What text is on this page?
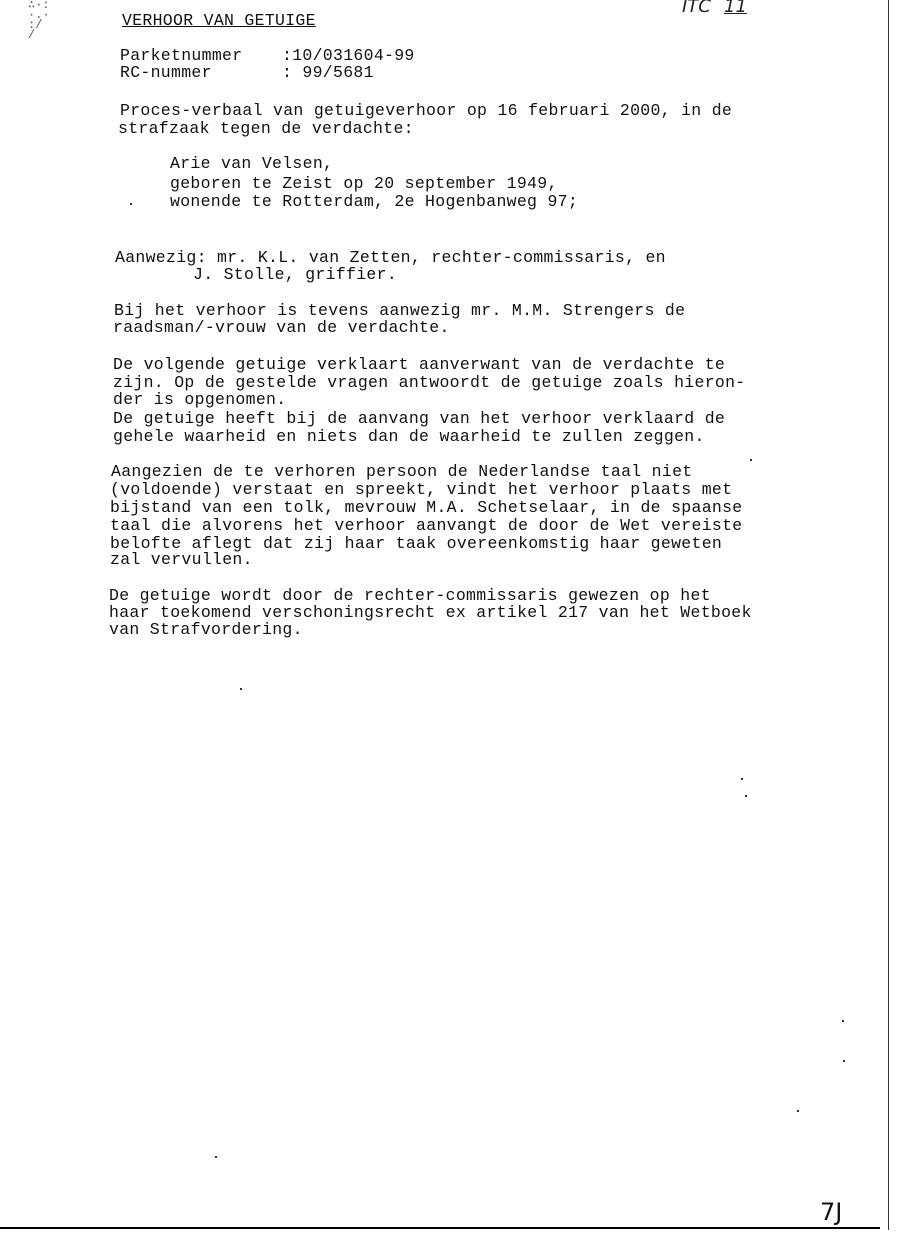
∴·:
·.·
:/
/
ITC 11
VERHOOR VAN GETUIGE
Parketnummer :10/031604-99
RC-nummer	: 99/5681
Proces-verbaal van getuigeverhoor op 16 februari 2000, in de
strafzaak tegen de verdachte:
Arie van Velsen,
geboren te Zeist op 20 september 1949,
wonende te Rotterdam, 2e Hogenbanweg 97;
Aanwezig: mr. K.L. van Zetten, rechter-commissaris, en
J. Stolle, griffier.
Bij het verhoor is tevens aanwezig mr. M.M. Strengers de
raadsman/-vrouw van de verdachte.
De volgende getuige verklaart aanverwant van de verdachte te
zijn. Op de gestelde vragen antwoordt de getuige zoals hieron-
der is opgenomen.
De getuige heeft bij de aanvang van het verhoor verklaard de
gehele waarheid en niets dan de waarheid te zullen zeggen.
Aangezien de te verhoren persoon de Nederlandse taal niet
(voldoende) verstaat en spreekt, vindt het verhoor plaats met
bijstand van een tolk, mevrouw M.A. Schetselaar, in de spaanse
taal die alvorens het verhoor aanvangt de door de Wet vereiste
belofte aflegt dat zij haar taak overeenkomstig haar geweten
zal vervullen.
De getuige wordt door de rechter-commissaris gewezen op het
haar toekomend verschoningsrecht ex artikel 217 van het Wetboek
van Strafvordering.
7J
